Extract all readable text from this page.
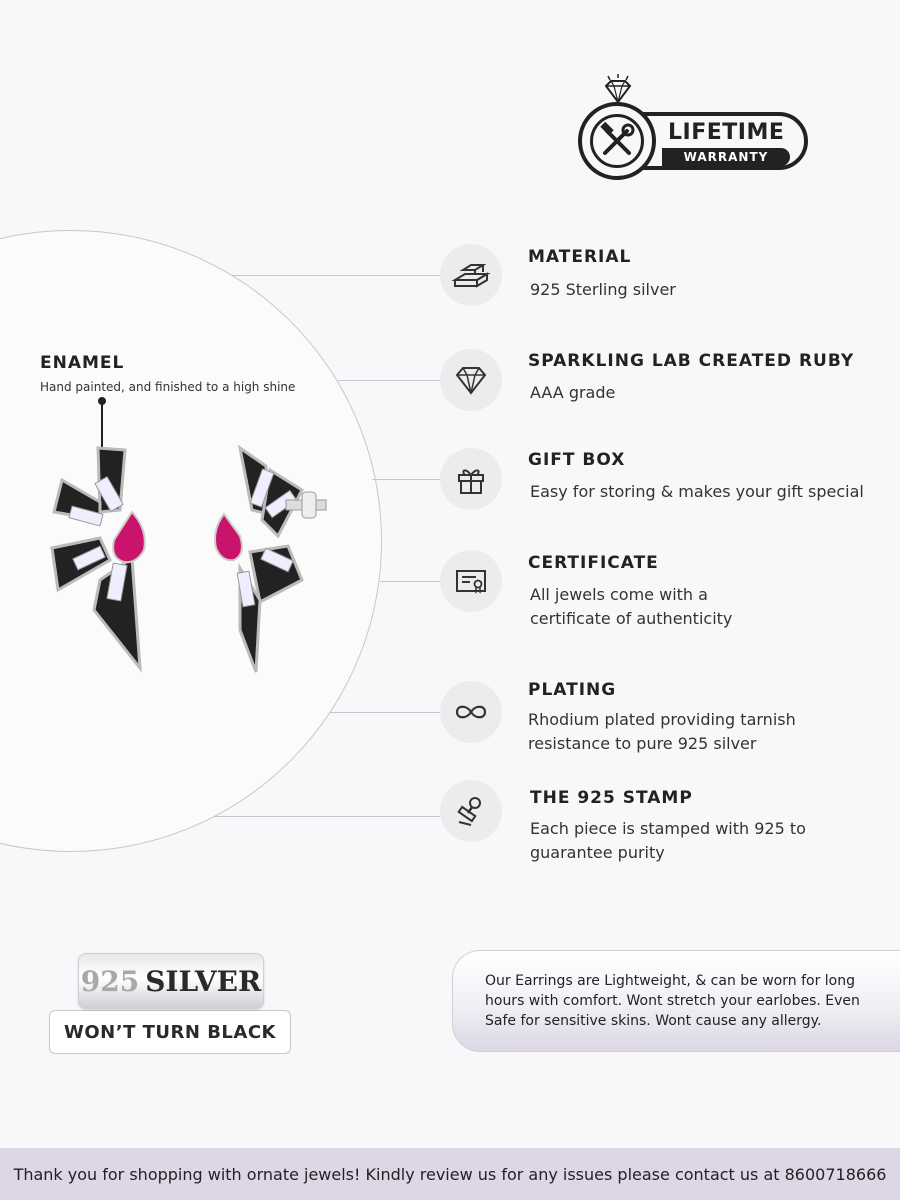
LIFETIME
WARRANTY
ENAMEL
Hand painted, and finished to a high shine
MATERIAL
925 Sterling silver
SPARKLING LAB CREATED RUBY
AAA grade
GIFT BOX
Easy for storing & makes your gift special
CERTIFICATE
All jewels come with a
certificate of authenticity
PLATING
Rhodium plated providing tarnish
resistance to pure 925 silver
THE 925 STAMP
Each piece is stamped with 925 to
guarantee purity
925 SILVER
WON’T TURN BLACK
Our Earrings are Lightweight, & can be worn for long
hours with comfort. Wont stretch your earlobes. Even
Safe for sensitive skins. Wont cause any allergy.
Thank you for shopping with ornate jewels! Kindly review us for any issues please contact us at 8600718666
